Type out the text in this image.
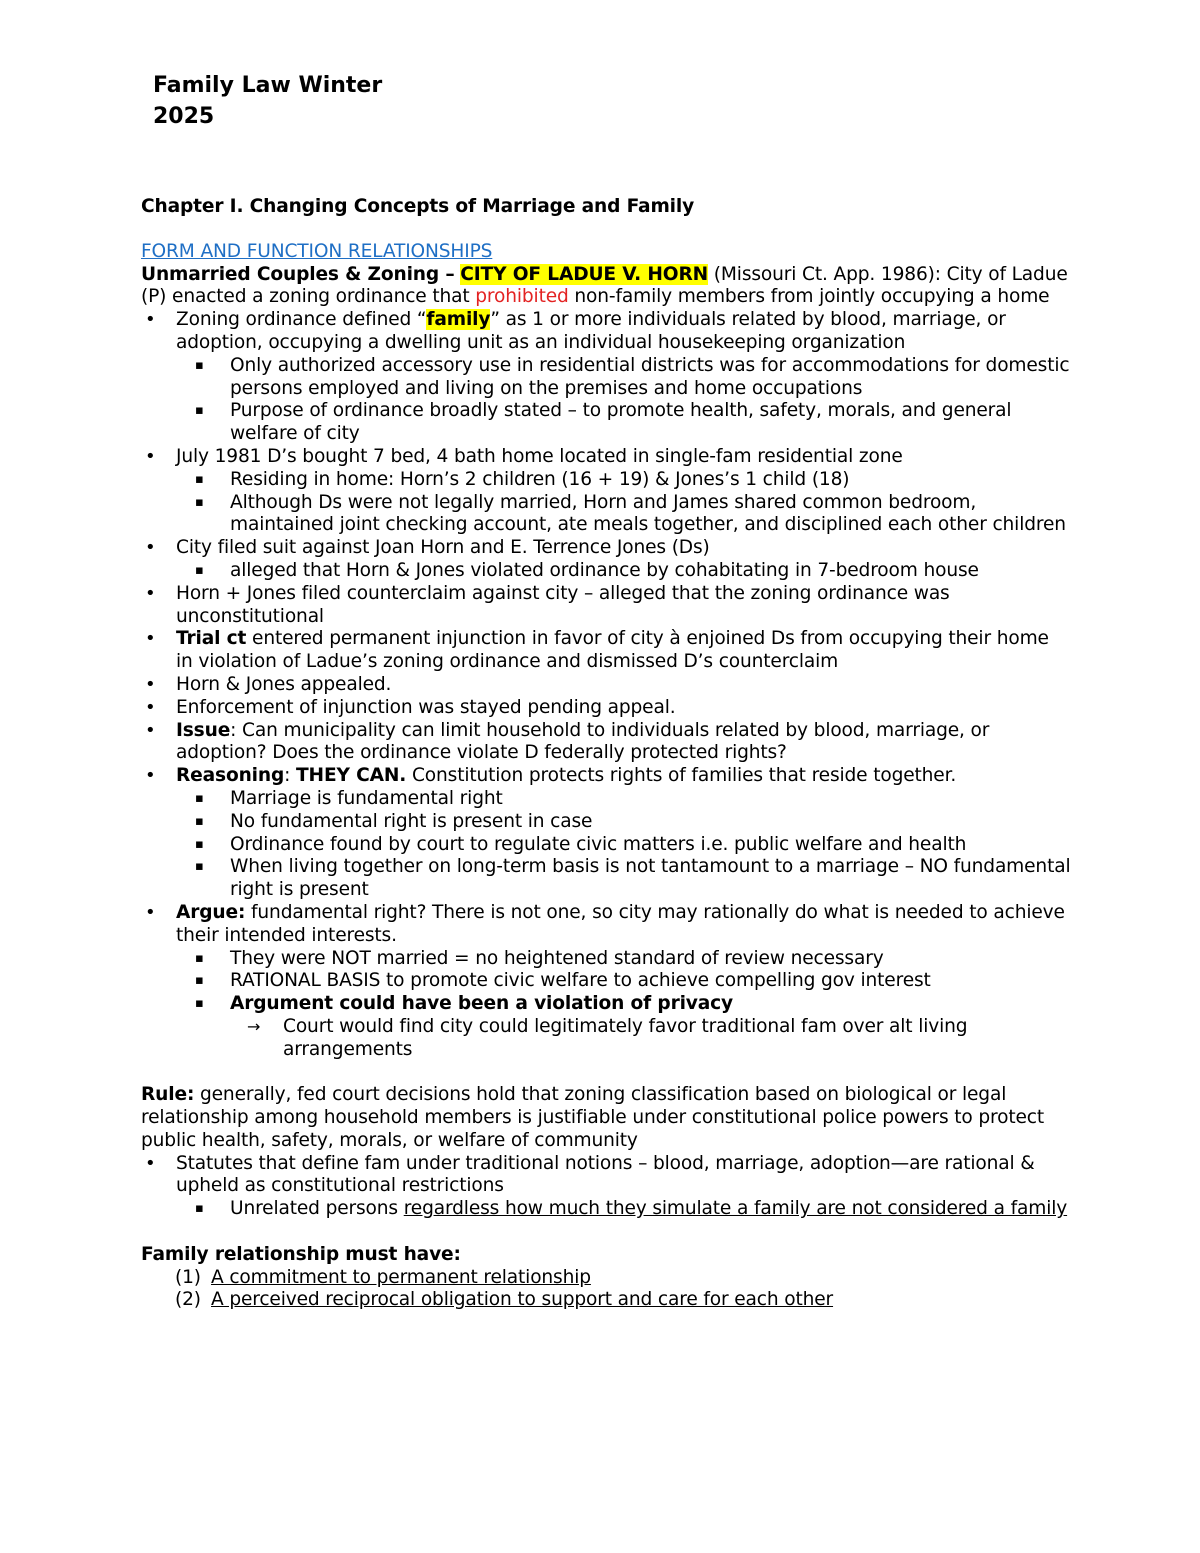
Family Law Winter
2025
Chapter I. Changing Concepts of Marriage and Family
FORM AND FUNCTION RELATIONSHIPS
Unmarried Couples & Zoning – CITY OF LADUE V. HORN (Missouri Ct. App. 1986): City of Ladue (P) enacted a zoning ordinance that prohibited non-family members from jointly occupying a home
• Zoning ordinance defined “family” as 1 or more individuals related by blood, marriage, or adoption, occupying a dwelling unit as an individual housekeeping organization
▪ Only authorized accessory use in residential districts was for accommodations for domestic persons employed and living on the premises and home occupations
▪ Purpose of ordinance broadly stated – to promote health, safety, morals, and general welfare of city
• July 1981 D’s bought 7 bed, 4 bath home located in single-fam residential zone
▪ Residing in home: Horn’s 2 children (16 + 19) & Jones’s 1 child (18)
▪ Although Ds were not legally married, Horn and James shared common bedroom, maintained joint checking account, ate meals together, and disciplined each other children
• City filed suit against Joan Horn and E. Terrence Jones (Ds)
▪ alleged that Horn & Jones violated ordinance by cohabitating in 7-bedroom house
• Horn + Jones filed counterclaim against city – alleged that the zoning ordinance was unconstitutional
• Trial ct entered permanent injunction in favor of city à enjoined Ds from occupying their home in violation of Ladue’s zoning ordinance and dismissed D’s counterclaim
• Horn & Jones appealed.
• Enforcement of injunction was stayed pending appeal.
• Issue: Can municipality can limit household to individuals related by blood, marriage, or adoption? Does the ordinance violate D federally protected rights?
• Reasoning: THEY CAN. Constitution protects rights of families that reside together.
▪ Marriage is fundamental right
▪ No fundamental right is present in case
▪ Ordinance found by court to regulate civic matters i.e. public welfare and health
▪ When living together on long-term basis is not tantamount to a marriage – NO fundamental right is present
• Argue: fundamental right? There is not one, so city may rationally do what is needed to achieve their intended interests.
▪ They were NOT married = no heightened standard of review necessary
▪ RATIONAL BASIS to promote civic welfare to achieve compelling gov interest
▪ Argument could have been a violation of privacy
→ Court would find city could legitimately favor traditional fam over alt living arrangements
Rule: generally, fed court decisions hold that zoning classification based on biological or legal relationship among household members is justifiable under constitutional police powers to protect public health, safety, morals, or welfare of community
• Statutes that define fam under traditional notions – blood, marriage, adoption—are rational & upheld as constitutional restrictions
▪ Unrelated persons regardless how much they simulate a family are not considered a family
Family relationship must have:
(1) A commitment to permanent relationship
(2) A perceived reciprocal obligation to support and care for each other
